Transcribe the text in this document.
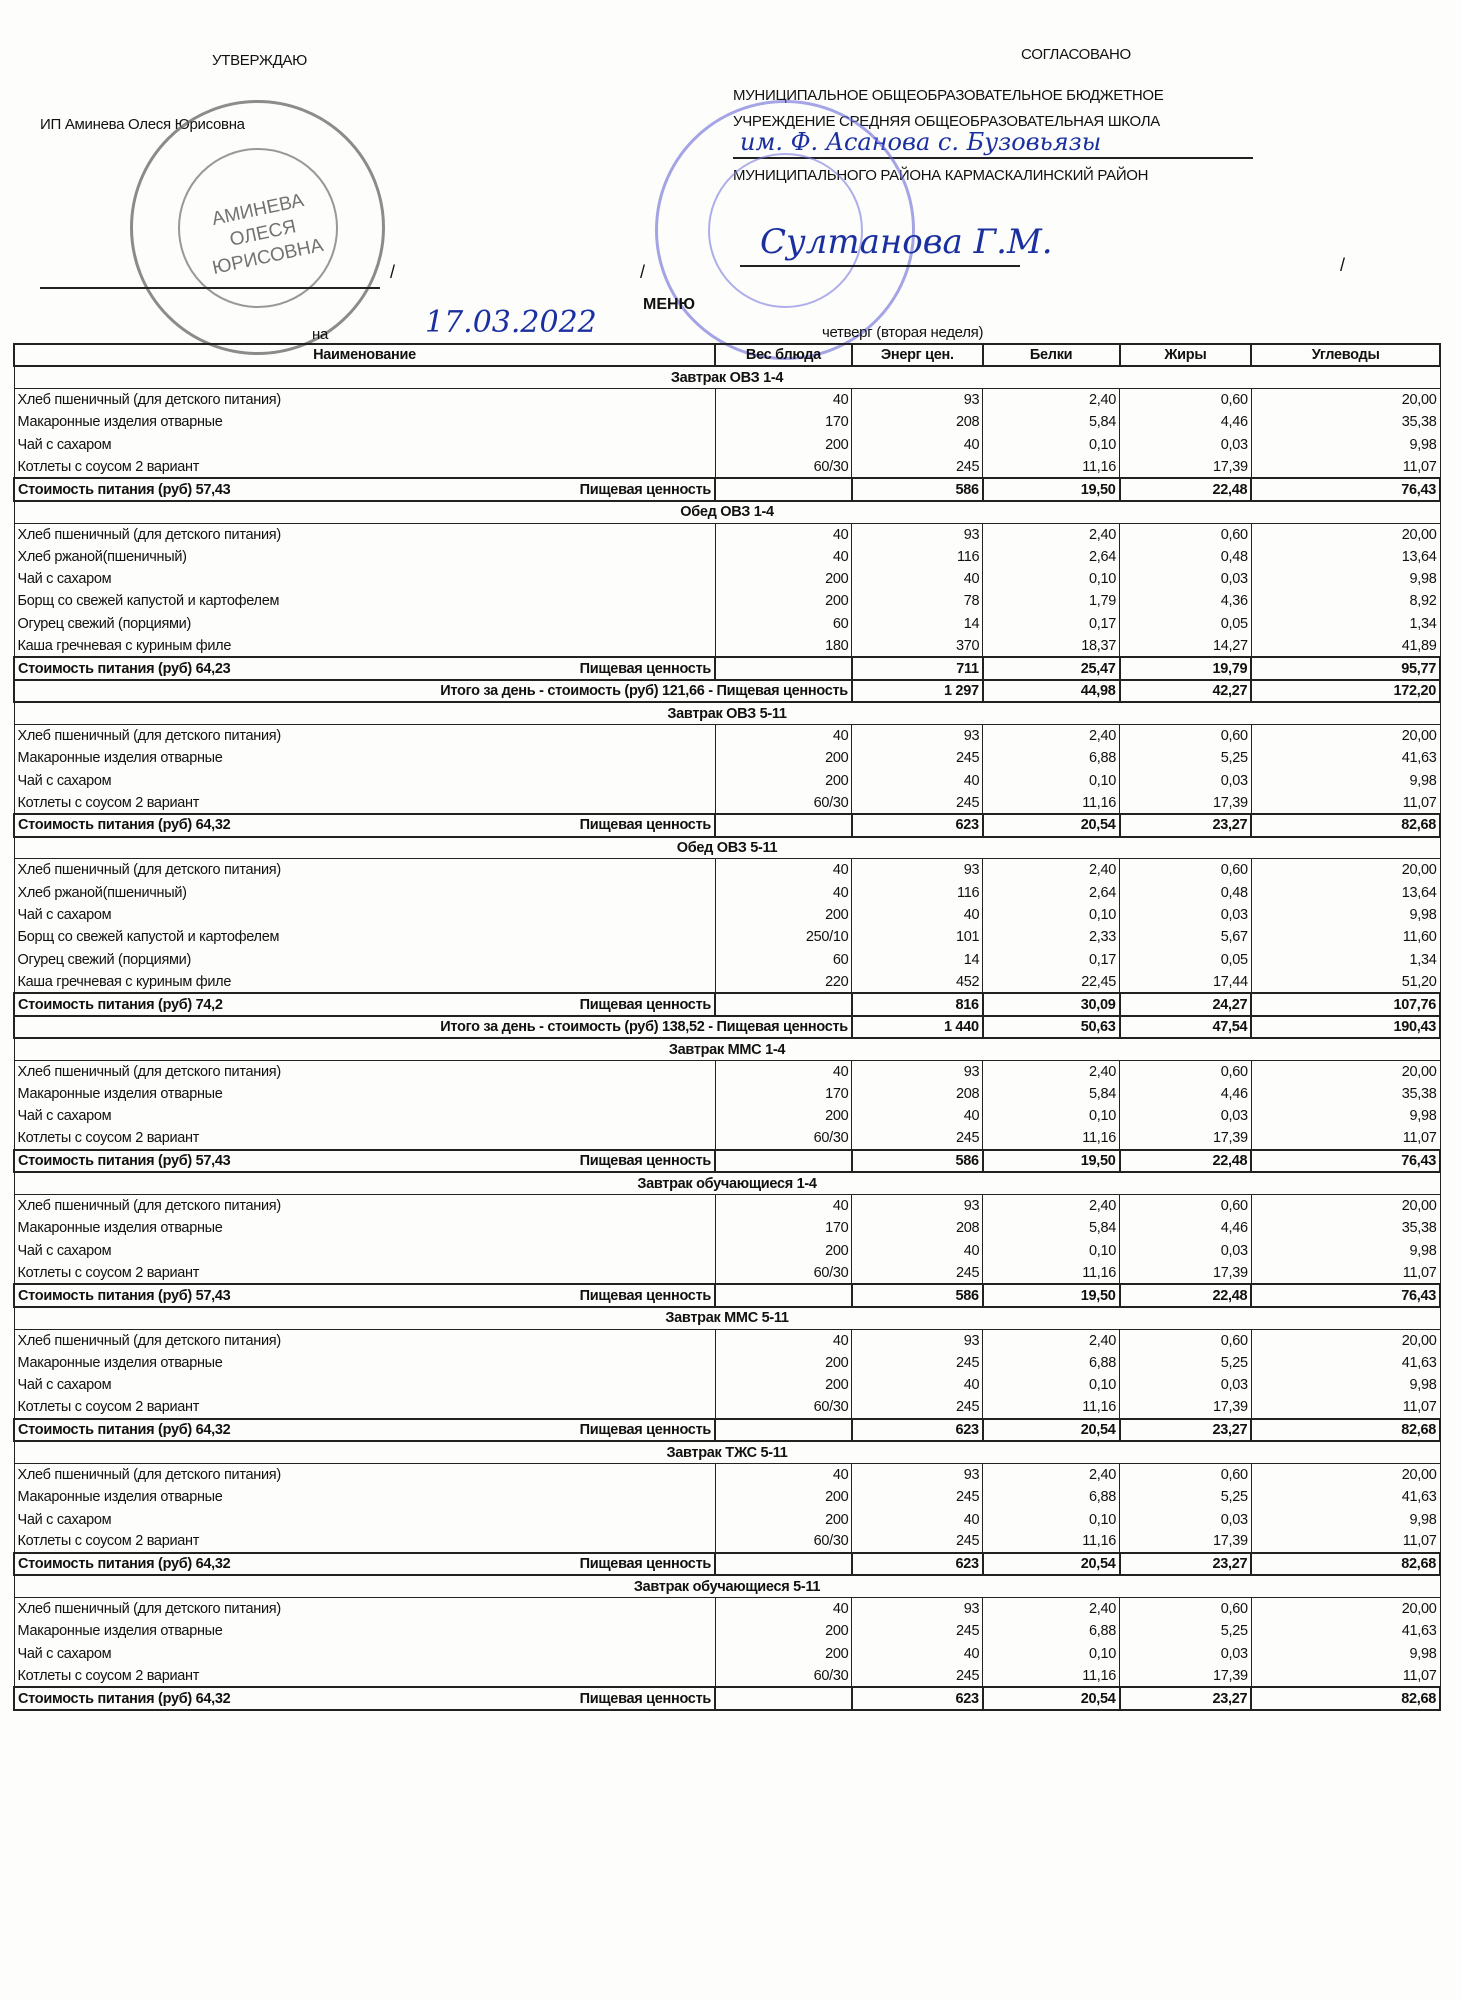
УТВЕРЖДАЮ
ИП Аминева Олеся Юрисовна
АМИНЕВА ОЛЕСЯ ЮРИСОВНА	/	/
СОГЛАСОВАНО
МУНИЦИПАЛЬНОЕ ОБЩЕОБРАЗОВАТЕЛЬНОЕ БЮДЖЕТНОЕ
УЧРЕЖДЕНИЕ СРЕДНЯЯ ОБЩЕОБРАЗОВАТЕЛЬНАЯ ШКОЛА
им. Ф. Асанова с. Бузовьязы
МУНИЦИПАЛЬНОГО РАЙОНА КАРМАСКАЛИНСКИЙ РАЙОН
Султанова Г.М.
/
МЕНЮ
на	17.03.2022	четверг (вторая неделя)
Наименование	Вес блюда	Энерг цен.	Белки	Жиры	Углеводы
Завтрак ОВЗ 1-4					
Хлеб пшеничный (для детского питания)	40	93	2,40	0,60	20,00
Макаронные изделия отварные	170	208	5,84	4,46	35,38
Чай с сахаром	200	40	0,10	0,03	9,98
Котлеты с соусом 2 вариант	60/30	245	11,16	17,39	11,07
Стоимость питания (руб) 57,43 Пищевая ценность		586	19,50	22,48	76,43
Обед ОВЗ 1-4					
Хлеб пшеничный (для детского питания)	40	93	2,40	0,60	20,00
Хлеб ржаной(пшеничный)	40	116	2,64	0,48	13,64
Чай с сахаром	200	40	0,10	0,03	9,98
Борщ со свежей капустой и картофелем	200	78	1,79	4,36	8,92
Огурец свежий (порциями)	60	14	0,17	0,05	1,34
Каша гречневая с куриным филе	180	370	18,37	14,27	41,89
Стоимость питания (руб) 64,23 Пищевая ценность		711	25,47	19,79	95,77
Итого за день - стоимость (руб) 121,66 - Пищевая ценность		1 297	44,98	42,27	172,20
Завтрак ОВЗ 5-11					
Хлеб пшеничный (для детского питания)	40	93	2,40	0,60	20,00
Макаронные изделия отварные	200	245	6,88	5,25	41,63
Чай с сахаром	200	40	0,10	0,03	9,98
Котлеты с соусом 2 вариант	60/30	245	11,16	17,39	11,07
Стоимость питания (руб) 64,32 Пищевая ценность		623	20,54	23,27	82,68
Обед ОВЗ 5-11					
Хлеб пшеничный (для детского питания)	40	93	2,40	0,60	20,00
Хлеб ржаной(пшеничный)	40	116	2,64	0,48	13,64
Чай с сахаром	200	40	0,10	0,03	9,98
Борщ со свежей капустой и картофелем	250/10	101	2,33	5,67	11,60
Огурец свежий (порциями)	60	14	0,17	0,05	1,34
Каша гречневая с куриным филе	220	452	22,45	17,44	51,20
Стоимость питания (руб) 74,2 Пищевая ценность		816	30,09	24,27	107,76
Итого за день - стоимость (руб) 138,52 - Пищевая ценность		1 440	50,63	47,54	190,43
Завтрак ММС 1-4					
Хлеб пшеничный (для детского питания)	40	93	2,40	0,60	20,00
Макаронные изделия отварные	170	208	5,84	4,46	35,38
Чай с сахаром	200	40	0,10	0,03	9,98
Котлеты с соусом 2 вариант	60/30	245	11,16	17,39	11,07
Стоимость питания (руб) 57,43 Пищевая ценность		586	19,50	22,48	76,43
Завтрак обучающиеся 1-4					
Хлеб пшеничный (для детского питания)	40	93	2,40	0,60	20,00
Макаронные изделия отварные	170	208	5,84	4,46	35,38
Чай с сахаром	200	40	0,10	0,03	9,98
Котлеты с соусом 2 вариант	60/30	245	11,16	17,39	11,07
Стоимость питания (руб) 57,43 Пищевая ценность		586	19,50	22,48	76,43
Завтрак ММС 5-11					
Хлеб пшеничный (для детского питания)	40	93	2,40	0,60	20,00
Макаронные изделия отварные	200	245	6,88	5,25	41,63
Чай с сахаром	200	40	0,10	0,03	9,98
Котлеты с соусом 2 вариант	60/30	245	11,16	17,39	11,07
Стоимость питания (руб) 64,32 Пищевая ценность		623	20,54	23,27	82,68
Завтрак ТЖС 5-11					
Хлеб пшеничный (для детского питания)	40	93	2,40	0,60	20,00
Макаронные изделия отварные	200	245	6,88	5,25	41,63
Чай с сахаром	200	40	0,10	0,03	9,98
Котлеты с соусом 2 вариант	60/30	245	11,16	17,39	11,07
Стоимость питания (руб) 64,32 Пищевая ценность		623	20,54	23,27	82,68
Завтрак обучающиеся 5-11					
Хлеб пшеничный (для детского питания)	40	93	2,40	0,60	20,00
Макаронные изделия отварные	200	245	6,88	5,25	41,63
Чай с сахаром	200	40	0,10	0,03	9,98
Котлеты с соусом 2 вариант	60/30	245	11,16	17,39	11,07
Стоимость питания (руб) 64,32 Пищевая ценность		623	20,54	23,27	82,68
